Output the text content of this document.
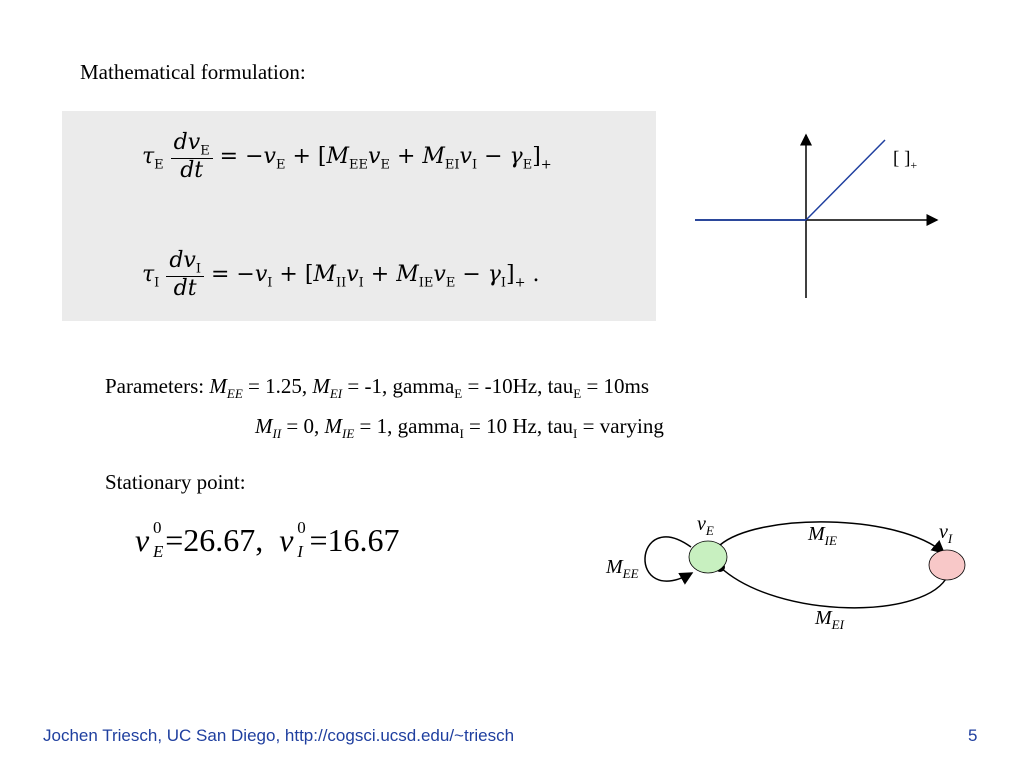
Mathematical formulation:
$\tau_E \frac{dv_E}{dt} = -v_E + [M_{EE}v_E + M_{EI}v_I - \gamma_E]_+$
$\tau_I \frac{dv_I}{dt} = -v_I + [M_{II}v_I + M_{IE}v_E - \gamma_I]_+$ .
[ ]$_+$
Parameters: $M_{EE} = 1.25$, $M_{EI} = -1$, gamma$_E$ = -10Hz, tau$_E$ = 10ms
$M_{II} = 0$, $M_{IE} = 1$, gamma$_I$ = 10 Hz, tau$_I$ = varying
Stationary point:
v 0
E =26.67, v 0
I =16.67	$v_E$	$v_I$
$M_{IE}$
$M_{EI}$
$M_{EE}$
Jochen Triesch, UC San Diego, http://cogsci.ucsd.edu/~triesch	5
